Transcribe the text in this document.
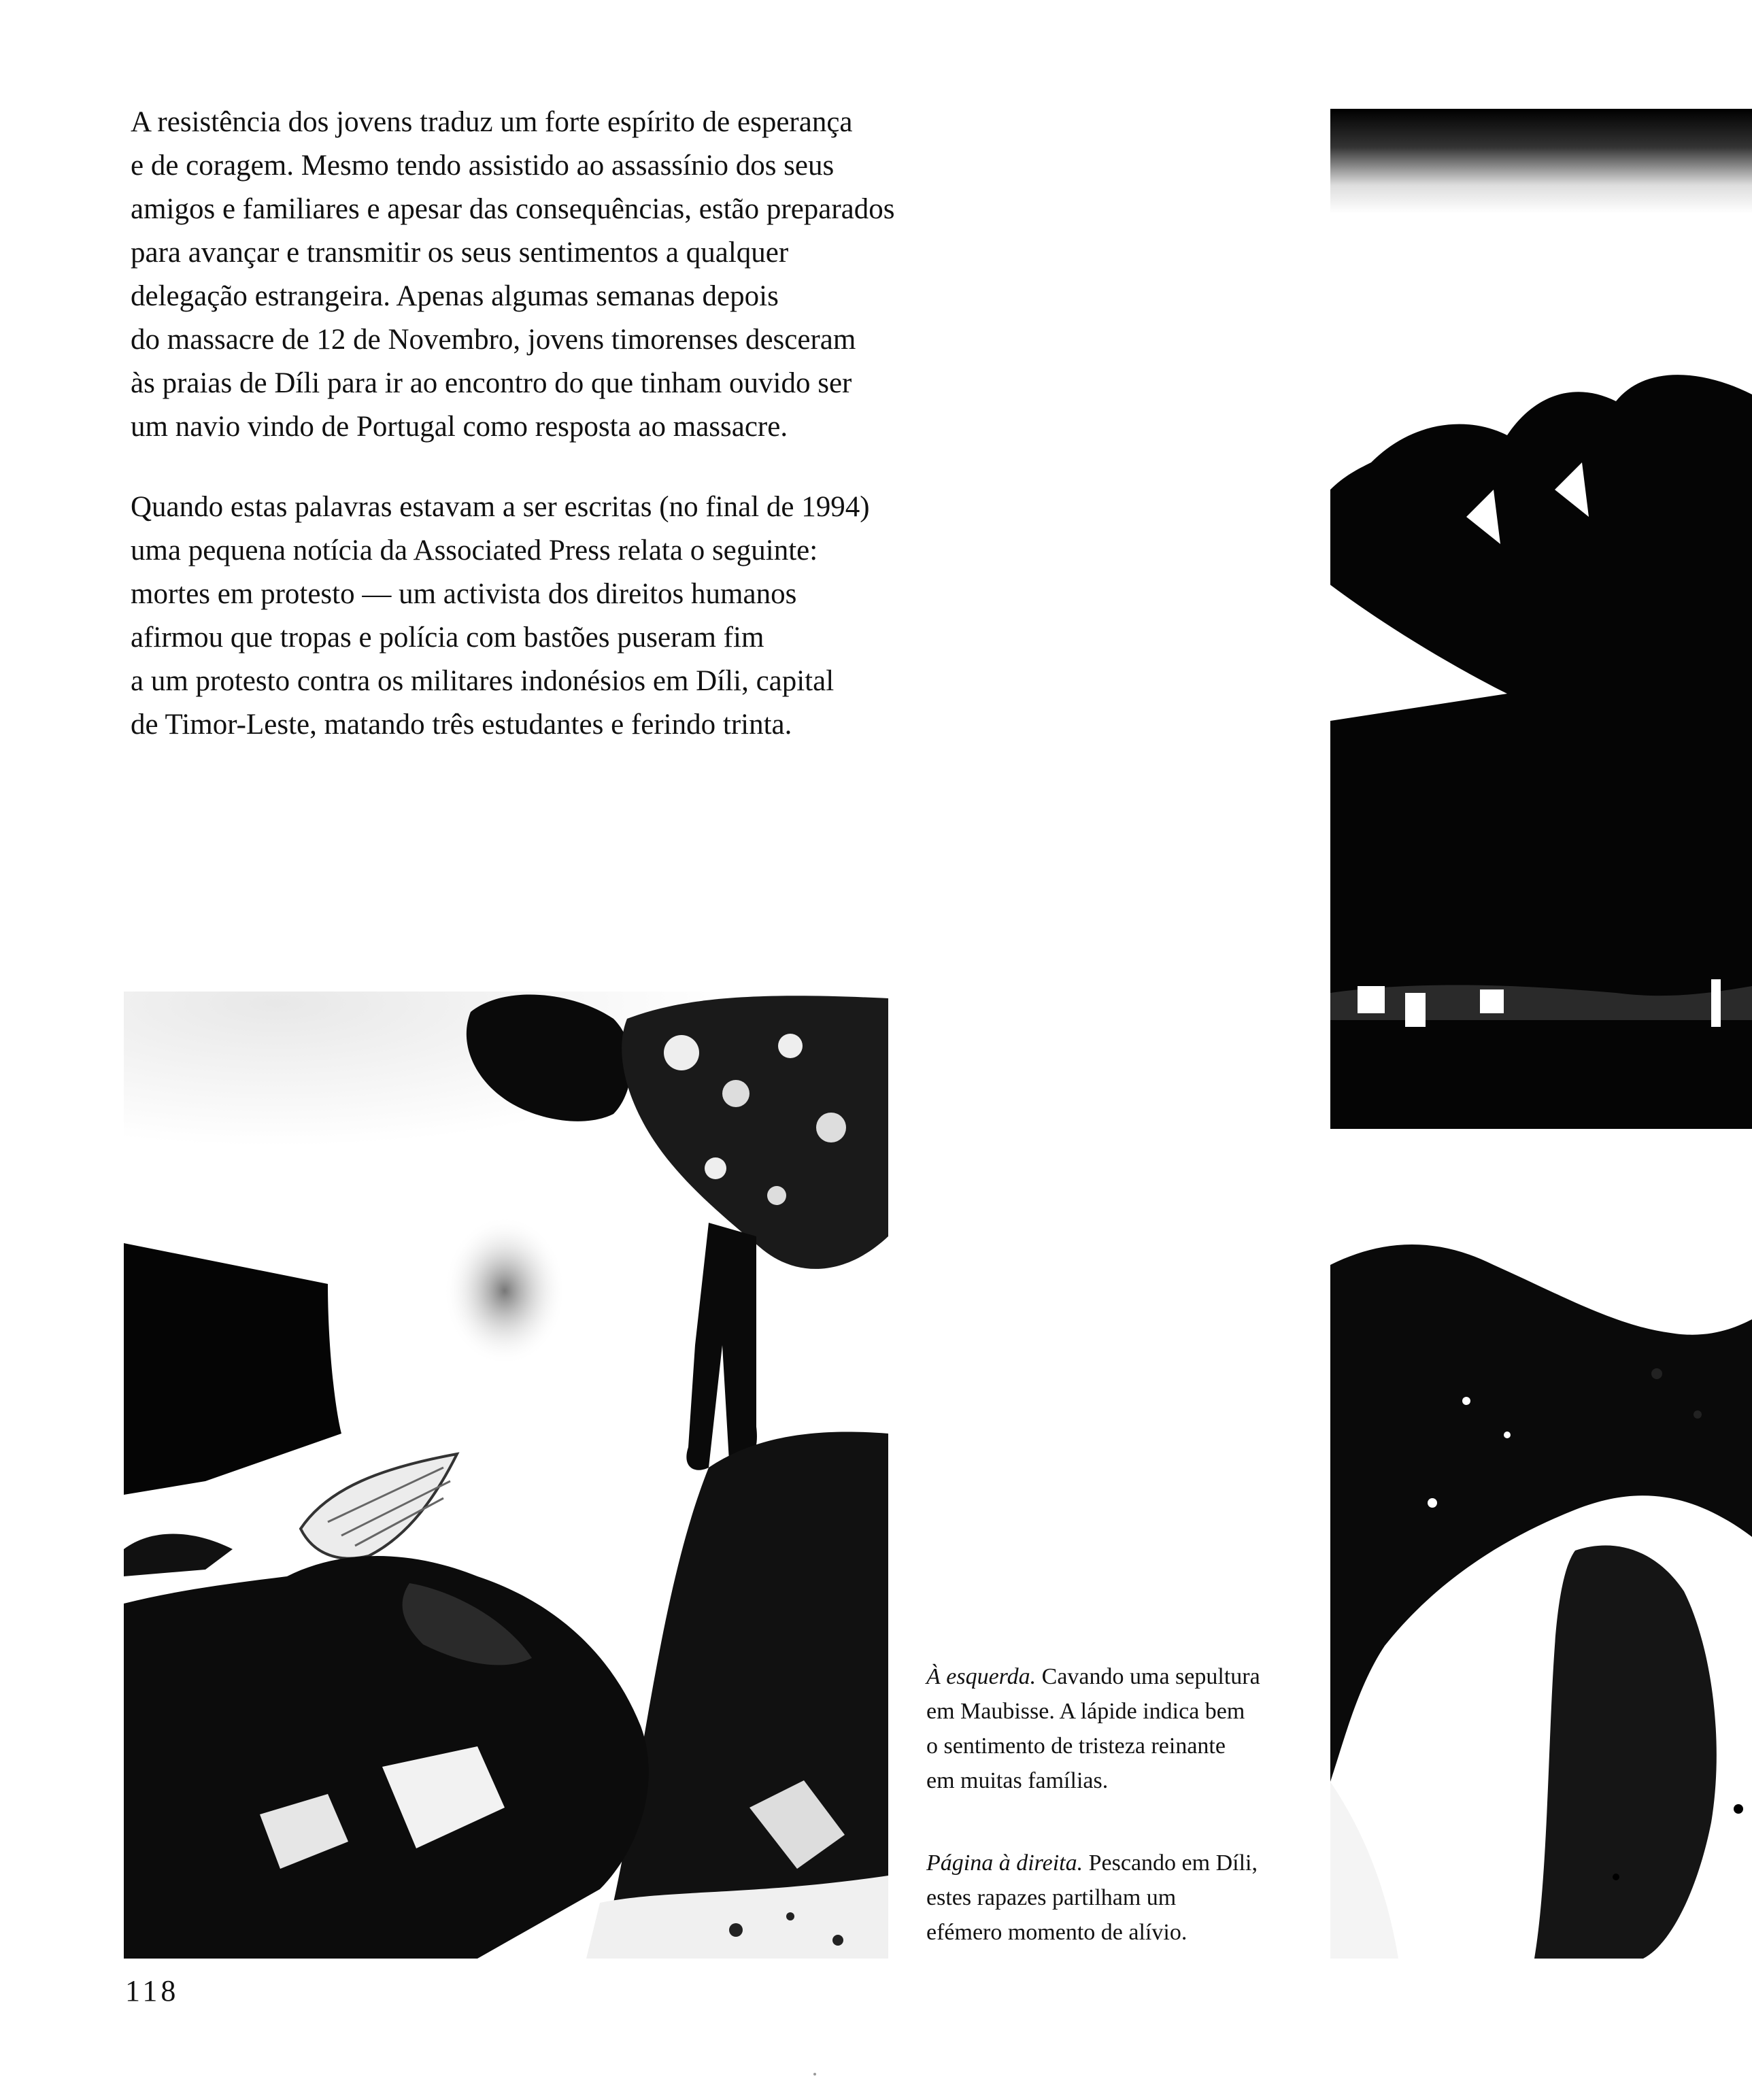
A resistência dos jovens traduz um forte espírito de esperança
e de coragem. Mesmo tendo assistido ao assassínio dos seus
amigos e familiares e apesar das consequências, estão preparados
para avançar e transmitir os seus sentimentos a qualquer
delegação estrangeira. Apenas algumas semanas depois
do massacre de 12 de Novembro, jovens timorenses desceram
às praias de Díli para ir ao encontro do que tinham ouvido ser
um navio vindo de Portugal como resposta ao massacre.
Quando estas palavras estavam a ser escritas (no final de 1994)
uma pequena notícia da Associated Press relata o seguinte:
mortes em protesto — um activista dos direitos humanos
afirmou que tropas e polícia com bastões puseram fim
a um protesto contra os militares indonésios em Díli, capital
de Timor-Leste, matando três estudantes e ferindo trinta.
À esquerda. Cavando uma sepultura
em Maubisse. A lápide indica bem
o sentimento de tristeza reinante
em muitas famílias.
Página à direita. Pescando em Díli,
estes rapazes partilham um
efémero momento de alívio.

118
